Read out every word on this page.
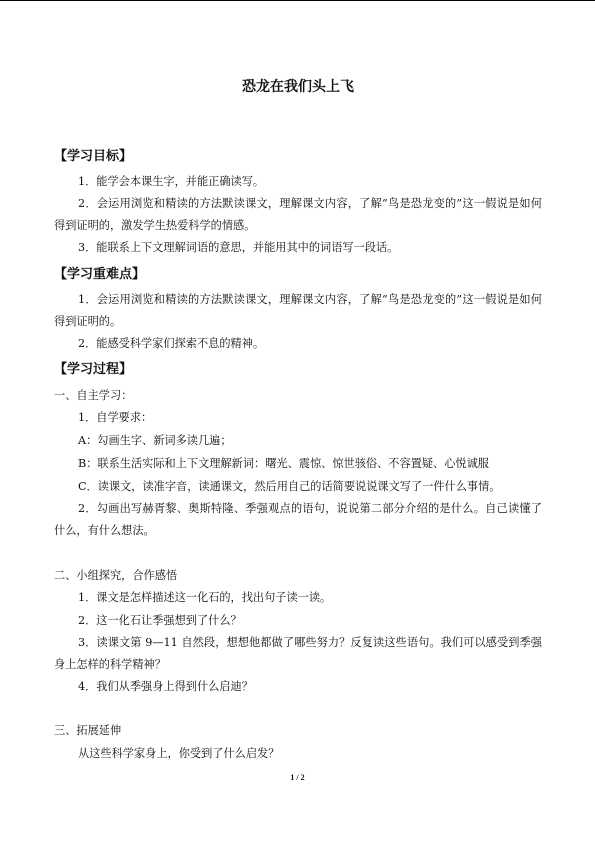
恐龙在我们头上飞
【学习目标】
1．能学会本课生字，并能正确读写。
2．会运用浏览和精读的方法默读课文，理解课文内容，了解“鸟是恐龙变的”这一假说是如何得到证明的，激发学生热爱科学的情感。
3．能联系上下文理解词语的意思，并能用其中的词语写一段话。
【学习重难点】
1．会运用浏览和精读的方法默读课文，理解课文内容，了解“鸟是恐龙变的”这一假说是如何得到证明的。
2．能感受科学家们探索不息的精神。
【学习过程】
一、自主学习：
1．自学要求：
A：勾画生字、新词多读几遍；
B：联系生活实际和上下文理解新词：曙光、震惊、惊世骇俗、不容置疑、心悦诚服
C．读课文，读准字音，读通课文，然后用自己的话简要说说课文写了一件什么事情。
2．勾画出写赫胥黎、奥斯特隆、季强观点的语句，说说第二部分介绍的是什么。自己读懂了什么，有什么想法。
二、小组探究，合作感悟
1．课文是怎样描述这一化石的，找出句子读一读。
2．这一化石让季强想到了什么？
3．读课文第 9—11 自然段，想想他都做了哪些努力？反复读这些语句。我们可以感受到季强身上怎样的科学精神？
4．我们从季强身上得到什么启迪？
三、拓展延伸
从这些科学家身上，你受到了什么启发？
1 / 2
